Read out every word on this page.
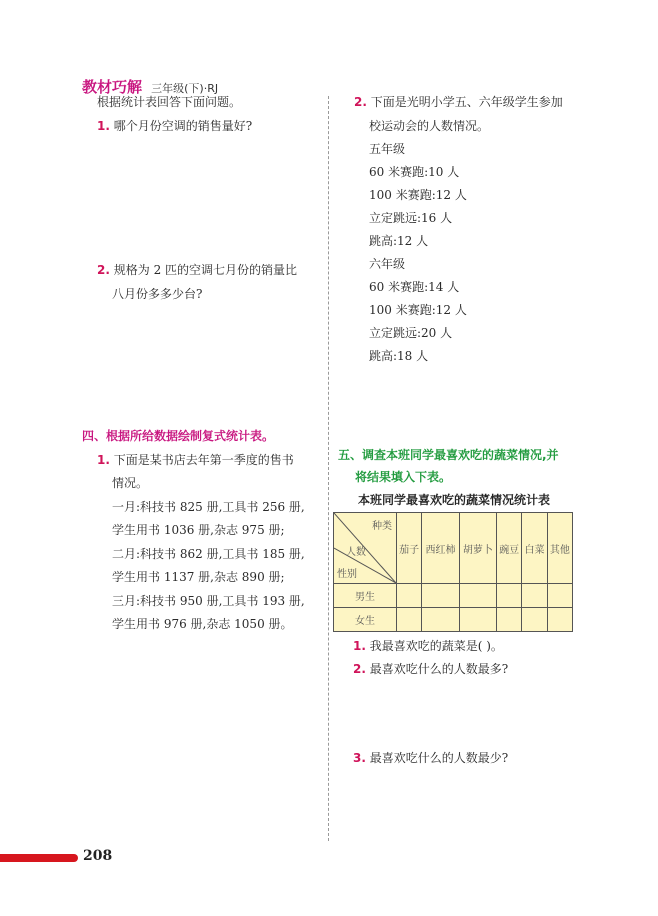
教材巧解 三年级(下)·RJ
根据统计表回答下面问题。
1. 哪个月份空调的销售量好?
2. 规格为 2 匹的空调七月份的销量比
八月份多多少台?
四、根据所给数据绘制复式统计表。
1. 下面是某书店去年第一季度的售书
情况。
一月:科技书 825 册,工具书 256 册,
学生用书 1036 册,杂志 975 册;
二月:科技书 862 册,工具书 185 册,
学生用书 1137 册,杂志 890 册;
三月:科技书 950 册,工具书 193 册,
学生用书 976 册,杂志 1050 册。
2. 下面是光明小学五、六年级学生参加
校运动会的人数情况。
五年级
60 米赛跑:10 人
100 米赛跑:12 人
立定跳远:16 人
跳高:12 人
六年级
60 米赛跑:14 人
100 米赛跑:12 人
立定跳远:20 人
跳高:18 人
五、调查本班同学最喜欢吃的蔬菜情况,并
将结果填入下表。
本班同学最喜欢吃的蔬菜情况统计表
种类
人数
性别	茄子	西红柿	胡萝卜	豌豆	白菜	其他
男生						
女生						
1. 我最喜欢吃的蔬菜是( )。
2. 最喜欢吃什么的人数最多?
3. 最喜欢吃什么的人数最少?
208
